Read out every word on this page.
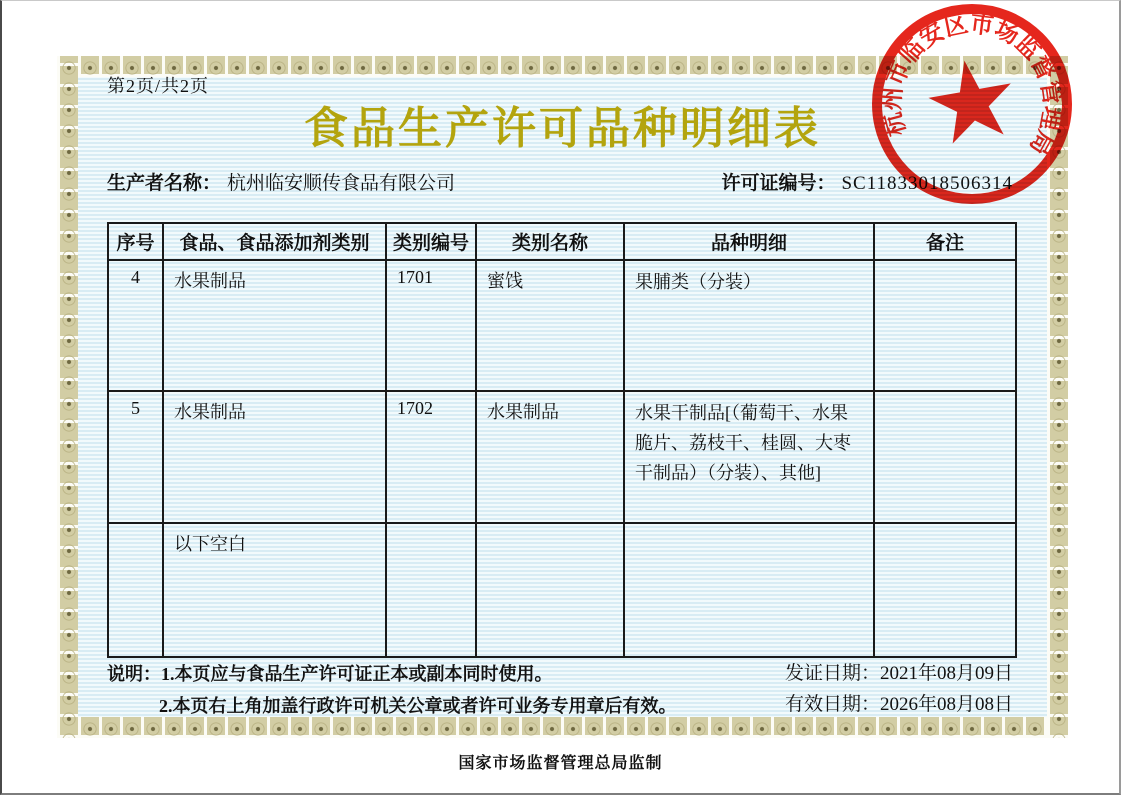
第2页/共2页
食品生产许可品种明细表
生产者名称： 杭州临安顺传食品有限公司	许可证编号： SC11833018506314
序号	食品、食品添加剂类别	类别编号	类别名称	品种明细	备注
4	水果制品	1701	蜜饯	果脯类（分装）	
5	水果制品	1702	水果制品	水果干制品[（葡萄干、水果脆片、荔枝干、桂圆、大枣干制品）（分装）、其他]	
	以下空白				
说明：1.本页应与食品生产许可证正本或副本同时使用。
2.本页右上角加盖行政许可机关公章或者许可业务专用章后有效。
发证日期：2021年08月09日
有效日期：2026年08月08日
杭州市临安区市场监督管理局
国家市场监督管理总局监制
